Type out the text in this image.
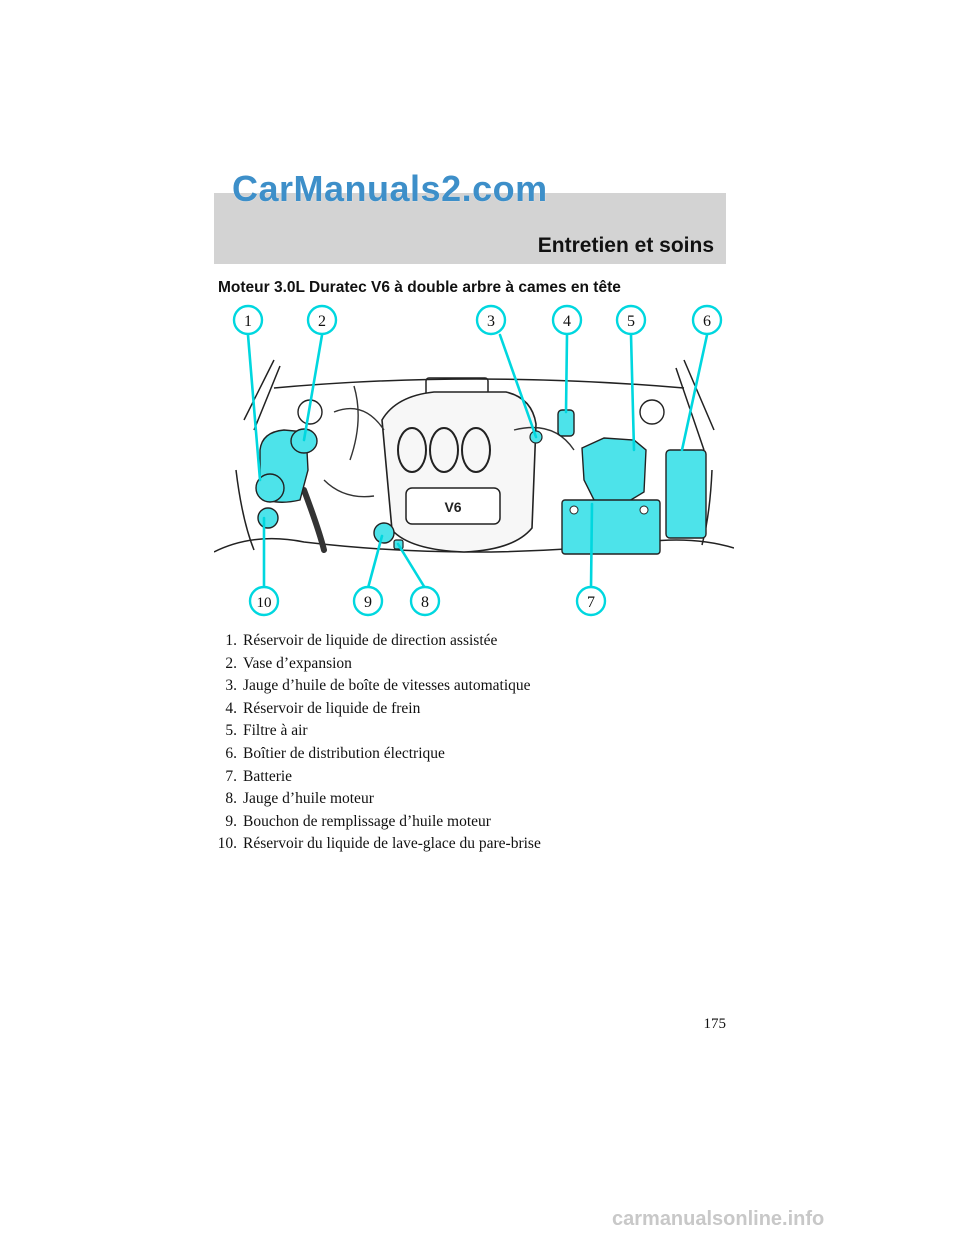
CarManuals2.com
Entretien et soins
Moteur 3.0L Duratec V6 à double arbre à cames en tête
V6
1	2	3	4	5	6
10	9	8	7
1. Réservoir de liquide de direction assistée
2. Vase d’expansion
3. Jauge d’huile de boîte de vitesses automatique
4. Réservoir de liquide de frein
5. Filtre à air
6. Boîtier de distribution électrique
7. Batterie
8. Jauge d’huile moteur
9. Bouchon de remplissage d’huile moteur
10. Réservoir du liquide de lave-glace du pare-brise
175
carmanualsonline.info
